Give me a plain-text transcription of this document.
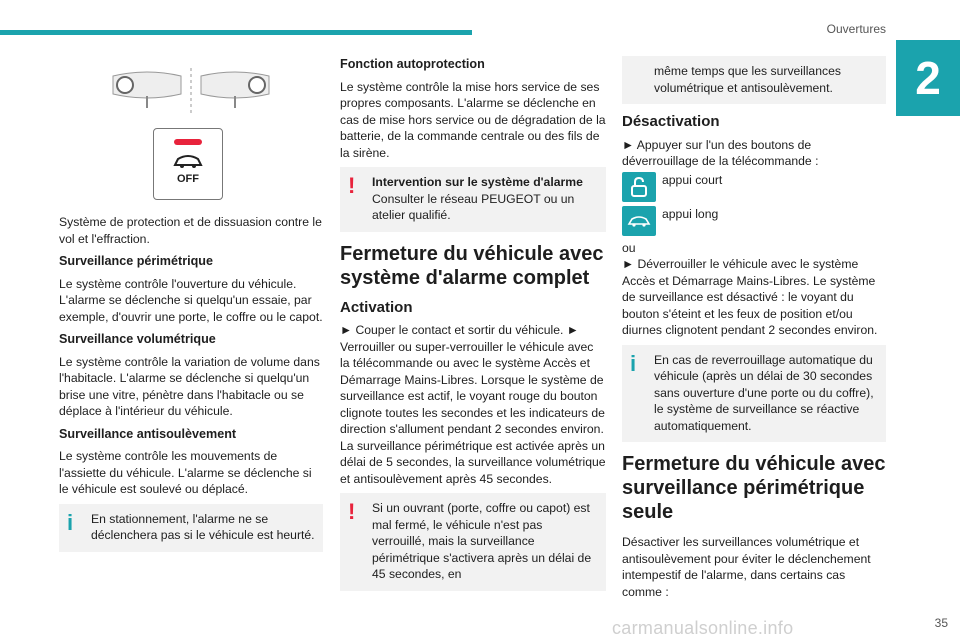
Ouvertures
2
OFF

Système de protection et de dissuasion contre le vol et l'effraction.

Surveillance périmétrique

Le système contrôle l'ouverture du véhicule. L'alarme se déclenche si quelqu'un essaie, par exemple, d'ouvrir une porte, le coffre ou le capot.

Surveillance volumétrique

Le système contrôle la variation de volume dans l'habitacle. L'alarme se déclenche si quelqu'un brise une vitre, pénètre dans l'habitacle ou se déplace à l'intérieur du véhicule.

Surveillance antisoulèvement

Le système contrôle les mouvements de l'assiette du véhicule. L'alarme se déclenche si le véhicule est soulevé ou déplacé.

i	En stationnement, l'alarme ne se déclenchera pas si le véhicule est heurté.
Fonction autoprotection

Le système contrôle la mise hors service de ses propres composants. L'alarme se déclenche en cas de mise hors service ou de dégradation de la batterie, de la commande centrale ou des fils de la sirène.

!	Intervention sur le système d'alarme
Consulter le réseau PEUGEOT ou un atelier qualifié.
Fermeture du véhicule avec système d'alarme complet
Activation

► Couper le contact et sortir du véhicule. ► Verrouiller ou super-verrouiller le véhicule avec la télécommande ou avec le système Accès et Démarrage Mains-Libres. Lorsque le système de surveillance est actif, le voyant rouge du bouton clignote toutes les secondes et les indicateurs de direction s'allument pendant 2 secondes environ. La surveillance périmétrique est activée après un délai de 5 secondes, la surveillance volumétrique et antisoulèvement après 45 secondes.

!	Si un ouvrant (porte, coffre ou capot) est mal fermé, le véhicule n'est pas verrouillé, mais la surveillance périmétrique s'activera après un délai de 45 secondes, en
même temps que les surveillances volumétrique et antisoulèvement.
Désactivation

► Appuyer sur l'un des boutons de déverrouillage de la télécommande :

appui court
appui long

ou

► Déverrouiller le véhicule avec le système Accès et Démarrage Mains-Libres. Le système de surveillance est désactivé : le voyant du bouton s'éteint et les feux de position et/ou diurnes clignotent pendant 2 secondes environ.

i	En cas de reverrouillage automatique du véhicule (après un délai de 30 secondes sans ouverture d'une porte ou du coffre), le système de surveillance se réactive automatiquement.
Fermeture du véhicule avec surveillance périmétrique seule

Désactiver les surveillances volumétrique et antisoulèvement pour éviter le déclenchement intempestif de l'alarme, dans certains cas comme :

carmanualsonline.info	35
